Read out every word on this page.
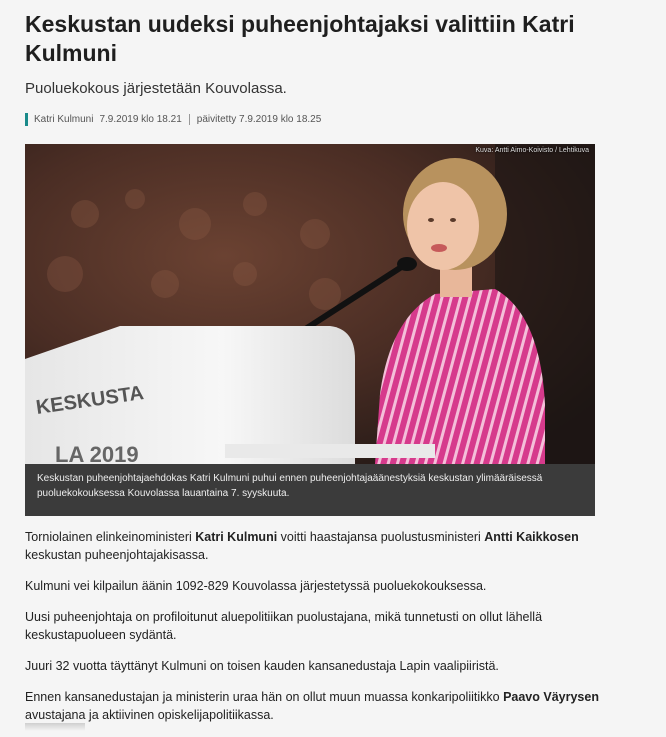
Keskustan uudeksi puheenjohtajaksi valittiin Katri Kulmuni

Puoluekokous järjestetään Kouvolassa.

Katri Kulmuni 7.9.2019 klo 18.21 päivitetty 7.9.2019 klo 18.25
KESKUSTA
LA 2019
Kuva: Antti Aimo-Koivisto / Lehtikuva
Keskustan puheenjohtajaehdokas Katri Kulmuni puhui ennen puheenjohtajaäänestyksiä keskustan ylimääräisessä puoluekokouksessa Kouvolassa lauantaina 7. syyskuuta.

Torniolainen elinkeinoministeri Katri Kulmuni voitti haastajansa puolustusministeri Antti Kaikkosen keskustan puheenjohtajakisassa.

Kulmuni vei kilpailun äänin 1092-829 Kouvolassa järjestetyssä puoluekokouksessa.

Uusi puheenjohtaja on profiloitunut aluepolitiikan puolustajana, mikä tunnetusti on ollut lähellä keskustapuolueen sydäntä.

Juuri 32 vuotta täyttänyt Kulmuni on toisen kauden kansanedustaja Lapin vaalipiiristä.

Ennen kansanedustajan ja ministerin uraa hän on ollut muun muassa konkaripoliitikko Paavo Väyrysen avustajana ja aktiivinen opiskelijapolitiikassa.
